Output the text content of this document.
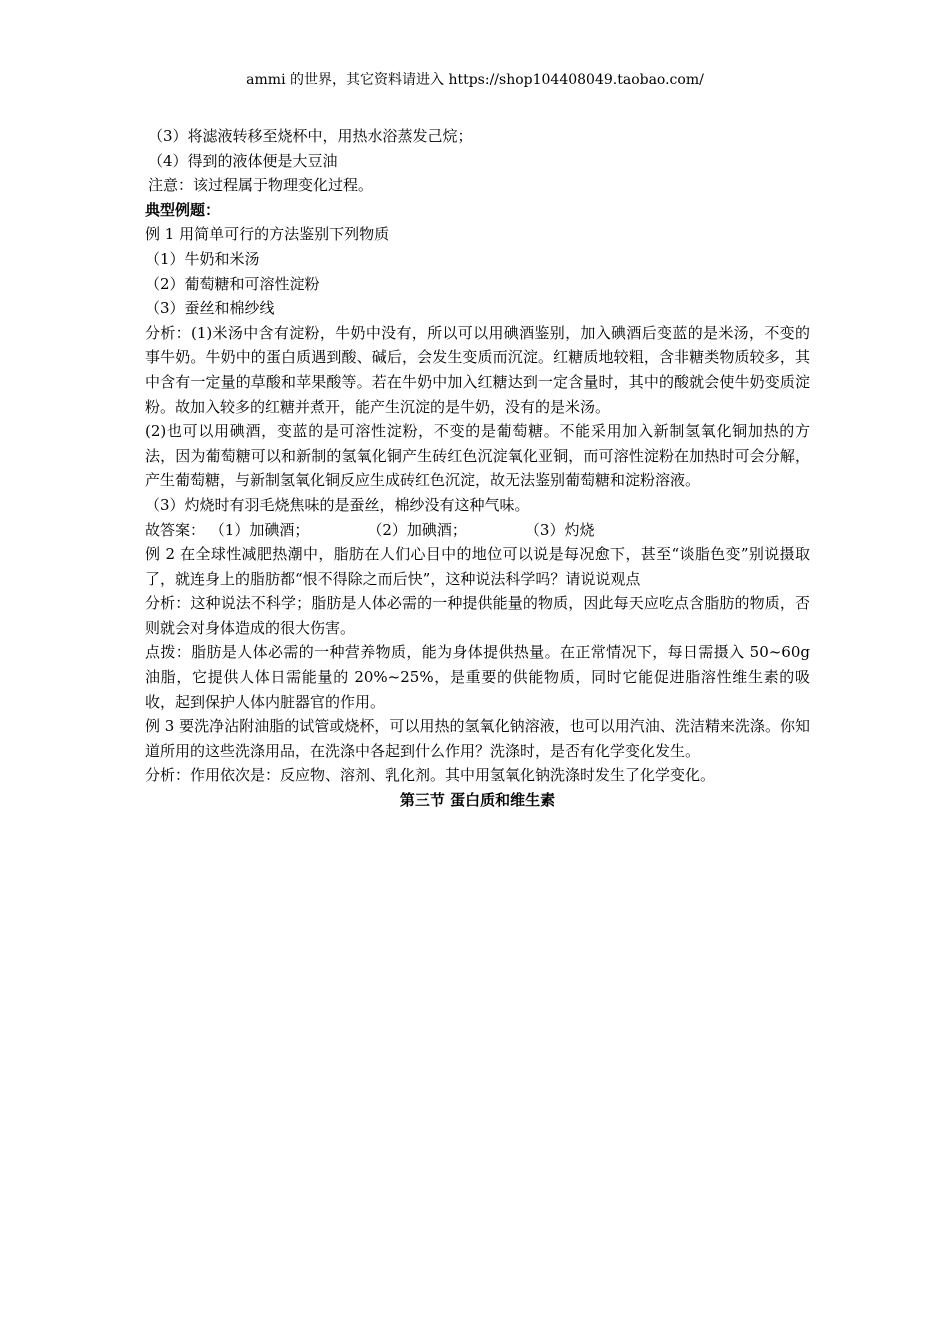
ammi 的世界，其它资料请进入 https://shop104408049.taobao.com/
（3）将滤液转移至烧杯中，用热水浴蒸发己烷；
（4）得到的液体便是大豆油
注意：该过程属于物理变化过程。
典型例题：
例 1 用简单可行的方法鉴别下列物质
（1）牛奶和米汤
（2）葡萄糖和可溶性淀粉
（3）蚕丝和棉纱线
分析：(1)米汤中含有淀粉，牛奶中没有，所以可以用碘酒鉴别，加入碘酒后变蓝的是米汤，不变的事牛奶。牛奶中的蛋白质遇到酸、碱后，会发生变质而沉淀。红糖质地较粗，含非糖类物质较多，其中含有一定量的草酸和苹果酸等。若在牛奶中加入红糖达到一定含量时，其中的酸就会使牛奶变质淀粉。故加入较多的红糖并煮开，能产生沉淀的是牛奶，没有的是米汤。
(2)也可以用碘酒，变蓝的是可溶性淀粉，不变的是葡萄糖。不能采用加入新制氢氧化铜加热的方法，因为葡萄糖可以和新制的氢氧化铜产生砖红色沉淀氧化亚铜，而可溶性淀粉在加热时可会分解，产生葡萄糖，与新制氢氧化铜反应生成砖红色沉淀，故无法鉴别葡萄糖和淀粉溶液。
（3）灼烧时有羽毛烧焦味的是蚕丝，棉纱没有这种气味。
故答案： （1）加碘酒；	（2）加碘酒；	（3）灼烧
例 2 在全球性减肥热潮中，脂肪在人们心目中的地位可以说是每况愈下，甚至“谈脂色变”别说摄取了，就连身上的脂肪都“恨不得除之而后快”，这种说法科学吗？请说说观点
分析：这种说法不科学；脂肪是人体必需的一种提供能量的物质，因此每天应吃点含脂肪的物质，否则就会对身体造成的很大伤害。
点拨：脂肪是人体必需的一种营养物质，能为身体提供热量。在正常情况下，每日需摄入 50~60g 油脂，它提供人体日需能量的 20%~25%，是重要的供能物质，同时它能促进脂溶性维生素的吸收，起到保护人体内脏器官的作用。
例 3 要洗净沾附油脂的试管或烧杯，可以用热的氢氧化钠溶液，也可以用汽油、洗洁精来洗涤。你知道所用的这些洗涤用品，在洗涤中各起到什么作用？洗涤时，是否有化学变化发生。
分析：作用依次是：反应物、溶剂、乳化剂。其中用氢氧化钠洗涤时发生了化学变化。
第三节 蛋白质和维生素
